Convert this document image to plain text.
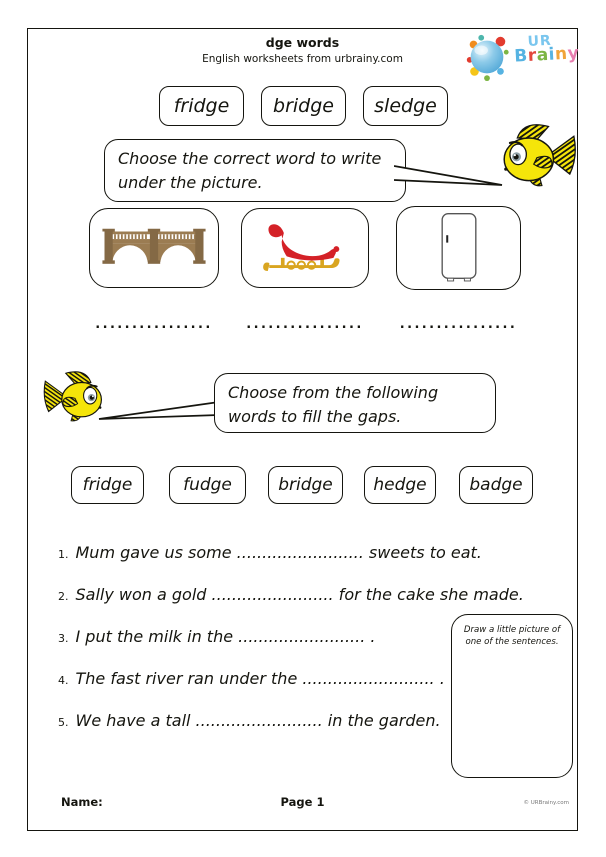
dge words
English worksheets from urbrainy.com
UR
Brainy
fridge	bridge	sledge
Choose the correct word to write under the picture.
................	................	................
Choose from the following words to fill the gaps.
fridge	fudge	bridge	hedge	badge
1. Mum gave us some ......................... sweets to eat.
2. Sally won a gold ........................ for the cake she made.
3. I put the milk in the ......................... .
4. The fast river ran under the .......................... .
5. We have a tall ......................... in the garden.
Draw a little picture of one of the sentences.
Name:	Page 1	© URBrainy.com
